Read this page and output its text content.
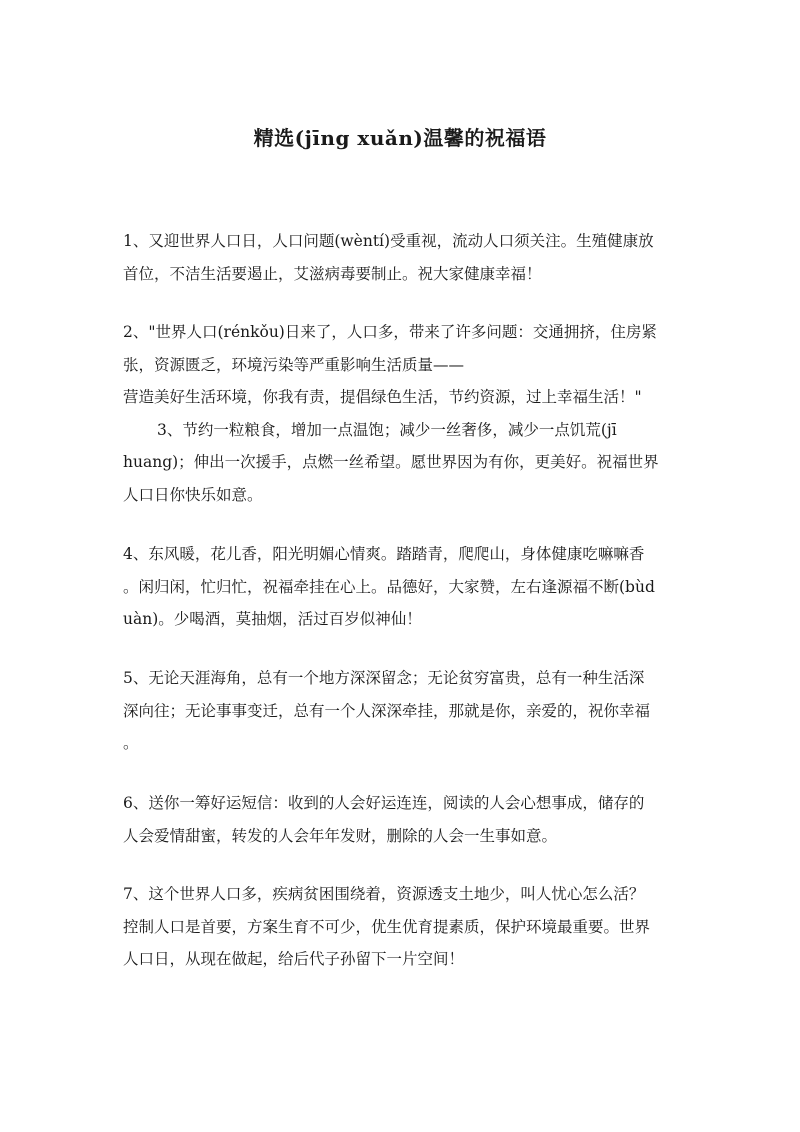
精选(jīng xuǎn)温馨的祝福语

1、又迎世界人口日，人口问题(wèntí)受重视，流动人口须关注。生殖健康放
首位，不洁生活要遏止，艾滋病毒要制止。祝大家健康幸福！

2、"世界人口(rénkǒu)日来了，人口多，带来了许多问题：交通拥挤，住房紧
张，资源匮乏，环境污染等严重影响生活质量——
营造美好生活环境，你我有责，提倡绿色生活，节约资源，过上幸福生活！"
3、节约一粒粮食，增加一点温饱；减少一丝奢侈，减少一点饥荒(jī
huang)；伸出一次援手，点燃一丝希望。愿世界因为有你，更美好。祝福世界
人口日你快乐如意。

4、东风暖，花儿香，阳光明媚心情爽。踏踏青，爬爬山，身体健康吃嘛嘛香
。闲归闲，忙归忙，祝福牵挂在心上。品德好，大家赞，左右逢源福不断(bùd
uàn)。少喝酒，莫抽烟，活过百岁似神仙！

5、无论天涯海角，总有一个地方深深留念；无论贫穷富贵，总有一种生活深
深向往；无论事事变迁，总有一个人深深牵挂，那就是你，亲爱的，祝你幸福
。

6、送你一筹好运短信：收到的人会好运连连，阅读的人会心想事成，储存的
人会爱情甜蜜，转发的人会年年发财，删除的人会一生事如意。

7、这个世界人口多，疾病贫困围绕着，资源透支土地少，叫人忧心怎么活？
控制人口是首要，方案生育不可少，优生优育提素质，保护环境最重要。世界
人口日，从现在做起，给后代子孙留下一片空间！
